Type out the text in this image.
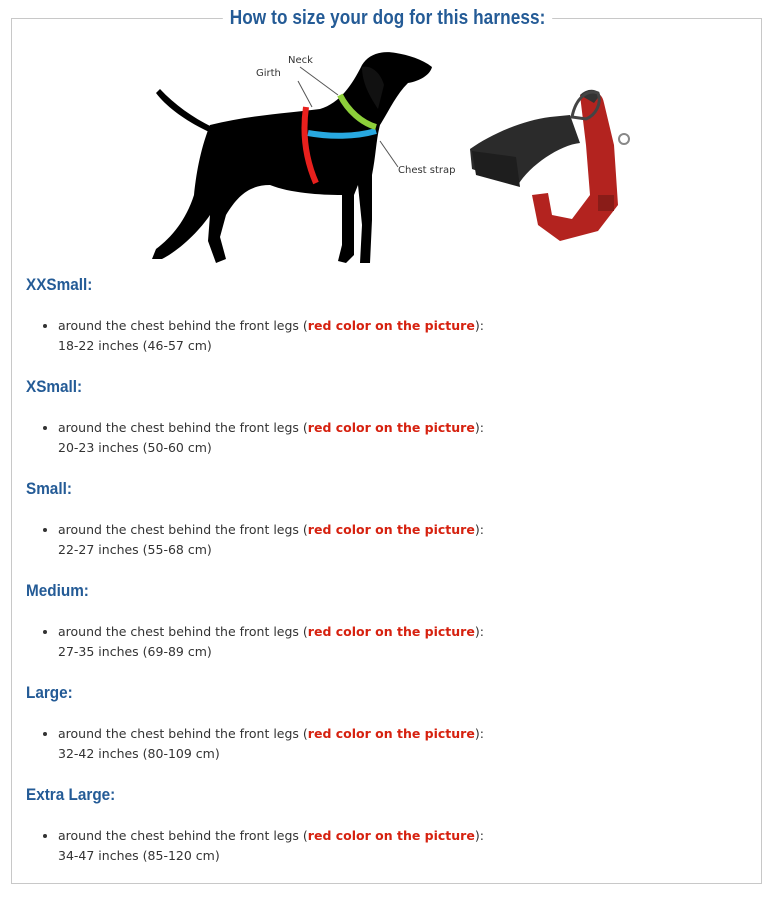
How to size your dog for this harness:
Girth
Neck
Chest strap
XXSmall:
around the chest behind the front legs (red color on the picture):
18-22 inches (46-57 cm)
XSmall:
around the chest behind the front legs (red color on the picture):
20-23 inches (50-60 cm)
Small:
around the chest behind the front legs (red color on the picture):
22-27 inches (55-68 cm)
Medium:
around the chest behind the front legs (red color on the picture):
27-35 inches (69-89 cm)
Large:
around the chest behind the front legs (red color on the picture):
32-42 inches (80-109 cm)
Extra Large:
around the chest behind the front legs (red color on the picture):
34-47 inches (85-120 cm)
